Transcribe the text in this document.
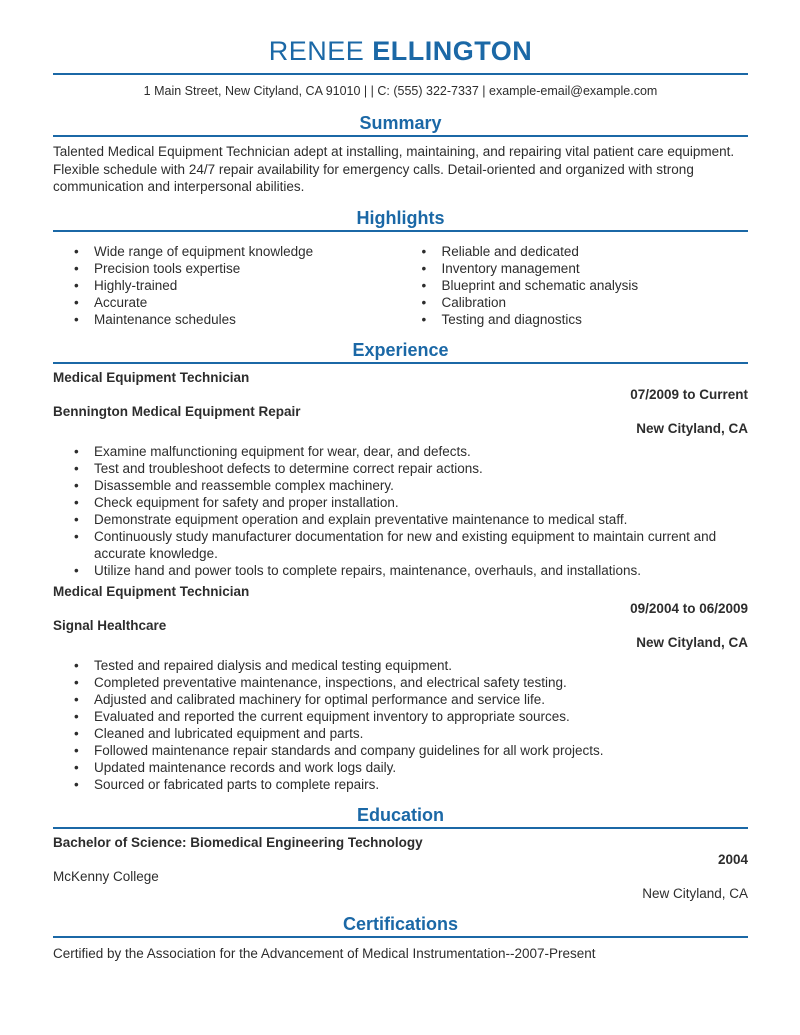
RENEE ELLINGTON
1 Main Street, New Cityland, CA 91010 | | C: (555) 322-7337 | example-email@example.com
Summary
Talented Medical Equipment Technician adept at installing, maintaining, and repairing vital patient care equipment. Flexible schedule with 24/7 repair availability for emergency calls. Detail-oriented and organized with strong communication and interpersonal abilities.
Highlights
•	Wide range of equipment knowledge
•	Precision tools expertise
•	Highly-trained
•	Accurate
•	Maintenance schedules
•	Reliable and dedicated
•	Inventory management
•	Blueprint and schematic analysis
•	Calibration
•	Testing and diagnostics
Experience
Medical Equipment Technician
07/2009 to Current
Bennington Medical Equipment Repair
New Cityland, CA
•	Examine malfunctioning equipment for wear, dear, and defects.
•	Test and troubleshoot defects to determine correct repair actions.
•	Disassemble and reassemble complex machinery.
•	Check equipment for safety and proper installation.
•	Demonstrate equipment operation and explain preventative maintenance to medical staff.
•	Continuously study manufacturer documentation for new and existing equipment to maintain current and accurate knowledge.
•	Utilize hand and power tools to complete repairs, maintenance, overhauls, and installations.
Medical Equipment Technician
09/2004 to 06/2009
Signal Healthcare
New Cityland, CA
•	Tested and repaired dialysis and medical testing equipment.
•	Completed preventative maintenance, inspections, and electrical safety testing.
•	Adjusted and calibrated machinery for optimal performance and service life.
•	Evaluated and reported the current equipment inventory to appropriate sources.
•	Cleaned and lubricated equipment and parts.
•	Followed maintenance repair standards and company guidelines for all work projects.
•	Updated maintenance records and work logs daily.
•	Sourced or fabricated parts to complete repairs.
Education
Bachelor of Science: Biomedical Engineering Technology
2004
McKenny College
New Cityland, CA
Certifications
Certified by the Association for the Advancement of Medical Instrumentation--2007-Present
